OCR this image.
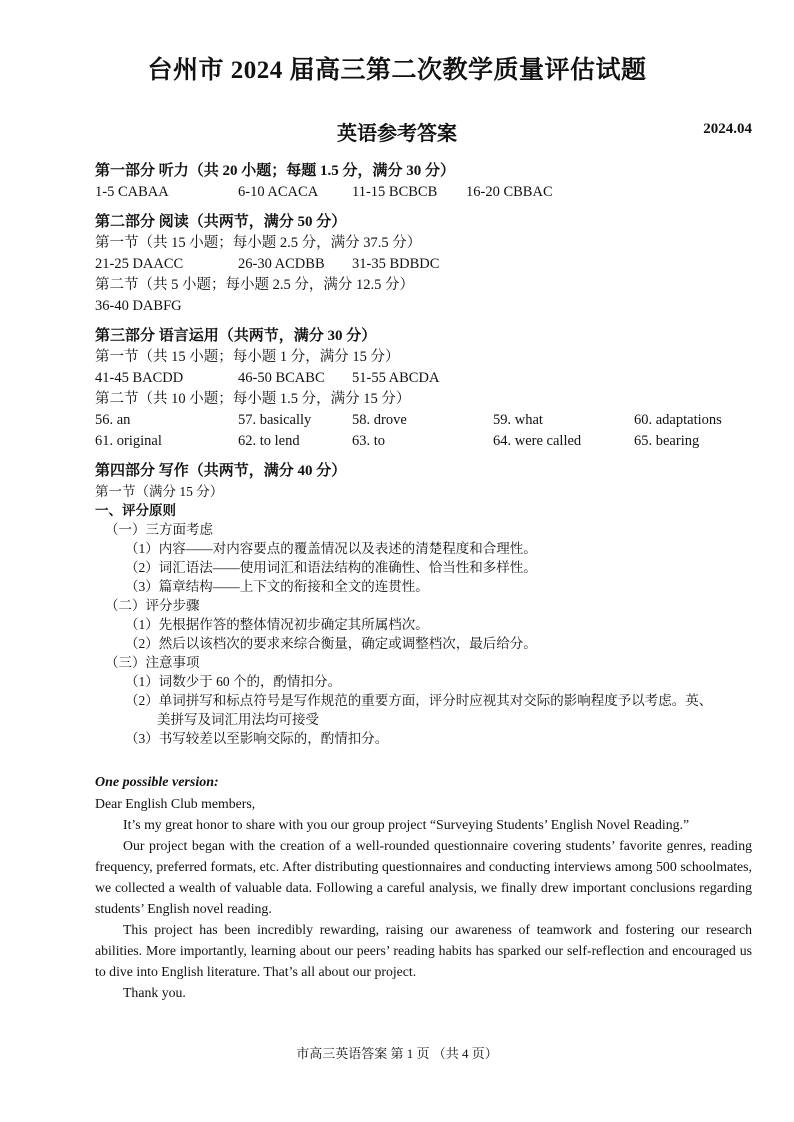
台州市 2024 届高三第二次教学质量评估试题
英语参考答案	2024.04
第一部分 听力（共 20 小题；每题 1.5 分，满分 30 分）
1-5 CABAA	6-10 ACACA	11-15 BCBCB	16-20 CBBAC
第二部分 阅读（共两节，满分 50 分）
第一节（共 15 小题；每小题 2.5 分，满分 37.5 分）
21-25 DAACC	26-30 ACDBB	31-35 BDBDC
第二节（共 5 小题；每小题 2.5 分，满分 12.5 分）
36-40 DABFG
第三部分 语言运用（共两节，满分 30 分）
第一节（共 15 小题；每小题 1 分，满分 15 分）
41-45 BACDD	46-50 BCABC	51-55 ABCDA
第二节（共 10 小题；每小题 1.5 分，满分 15 分）
56. an	57. basically	58. drove	59. what	60. adaptations
61. original	62. to lend	63. to	64. were called	65. bearing
第四部分 写作（共两节，满分 40 分）
第一节（满分 15 分）
一、评分原则
（一）三方面考虑
（1）内容——对内容要点的覆盖情况以及表述的清楚程度和合理性。
（2）词汇语法——使用词汇和语法结构的准确性、恰当性和多样性。
（3）篇章结构——上下文的衔接和全文的连贯性。
（二）评分步骤
（1）先根据作答的整体情况初步确定其所属档次。
（2）然后以该档次的要求来综合衡量，确定或调整档次，最后给分。
（三）注意事项
（1）词数少于 60 个的，酌情扣分。
（2）单词拼写和标点符号是写作规范的重要方面，评分时应视其对交际的影响程度予以考虑。英、
美拼写及词汇用法均可接受
（3）书写较差以至影响交际的，酌情扣分。
One possible version:

Dear English Club members,

It’s my great honor to share with you our group project “Surveying Students’ English Novel Reading.”

Our project began with the creation of a well-rounded questionnaire covering students’ favorite genres, reading frequency, preferred formats, etc. After distributing questionnaires and conducting interviews among 500 schoolmates, we collected a wealth of valuable data. Following a careful analysis, we finally drew important conclusions regarding students’ English novel reading.

This project has been incredibly rewarding, raising our awareness of teamwork and fostering our research abilities. More importantly, learning about our peers’ reading habits has sparked our self-reflection and encouraged us to dive into English literature. That’s all about our project.

Thank you.

市高三英语答案 第 1 页 （共 4 页）
